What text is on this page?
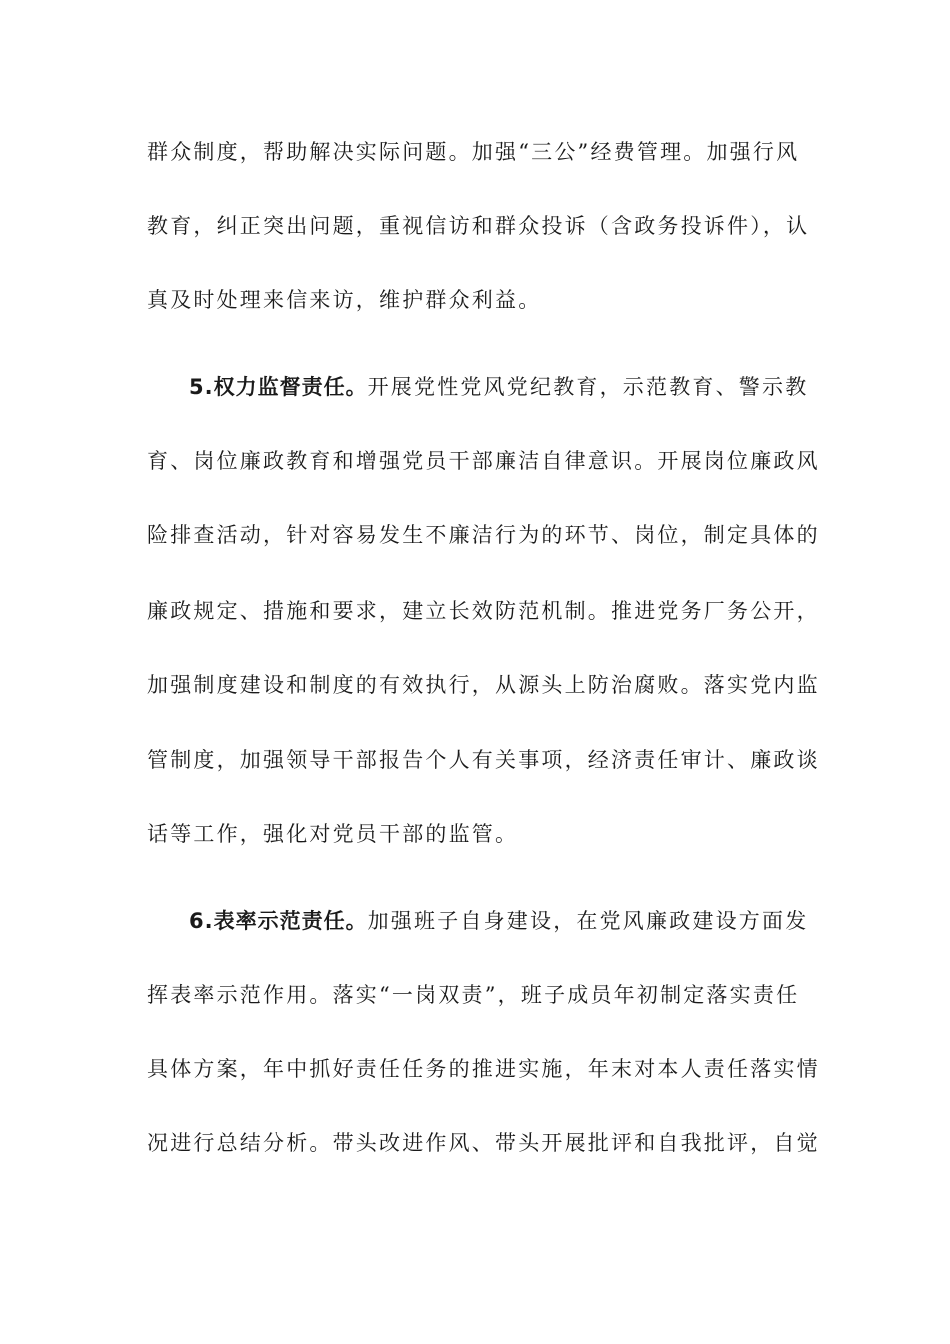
群众制度，帮助解决实际问题。加强“三公”经费管理。加强行风
教育，纠正突出问题，重视信访和群众投诉（含政务投诉件），认
真及时处理来信来访，维护群众利益。
5.权力监督责任。开展党性党风党纪教育，示范教育、警示教
育、岗位廉政教育和增强党员干部廉洁自律意识。开展岗位廉政风
险排查活动，针对容易发生不廉洁行为的环节、岗位，制定具体的
廉政规定、措施和要求，建立长效防范机制。推进党务厂务公开，
加强制度建设和制度的有效执行，从源头上防治腐败。落实党内监
管制度，加强领导干部报告个人有关事项，经济责任审计、廉政谈
话等工作，强化对党员干部的监管。
6.表率示范责任。加强班子自身建设，在党风廉政建设方面发
挥表率示范作用。落实“一岗双责”，班子成员年初制定落实责任
具体方案，年中抓好责任任务的推进实施，年末对本人责任落实情
况进行总结分析。带头改进作风、带头开展批评和自我批评，自觉
